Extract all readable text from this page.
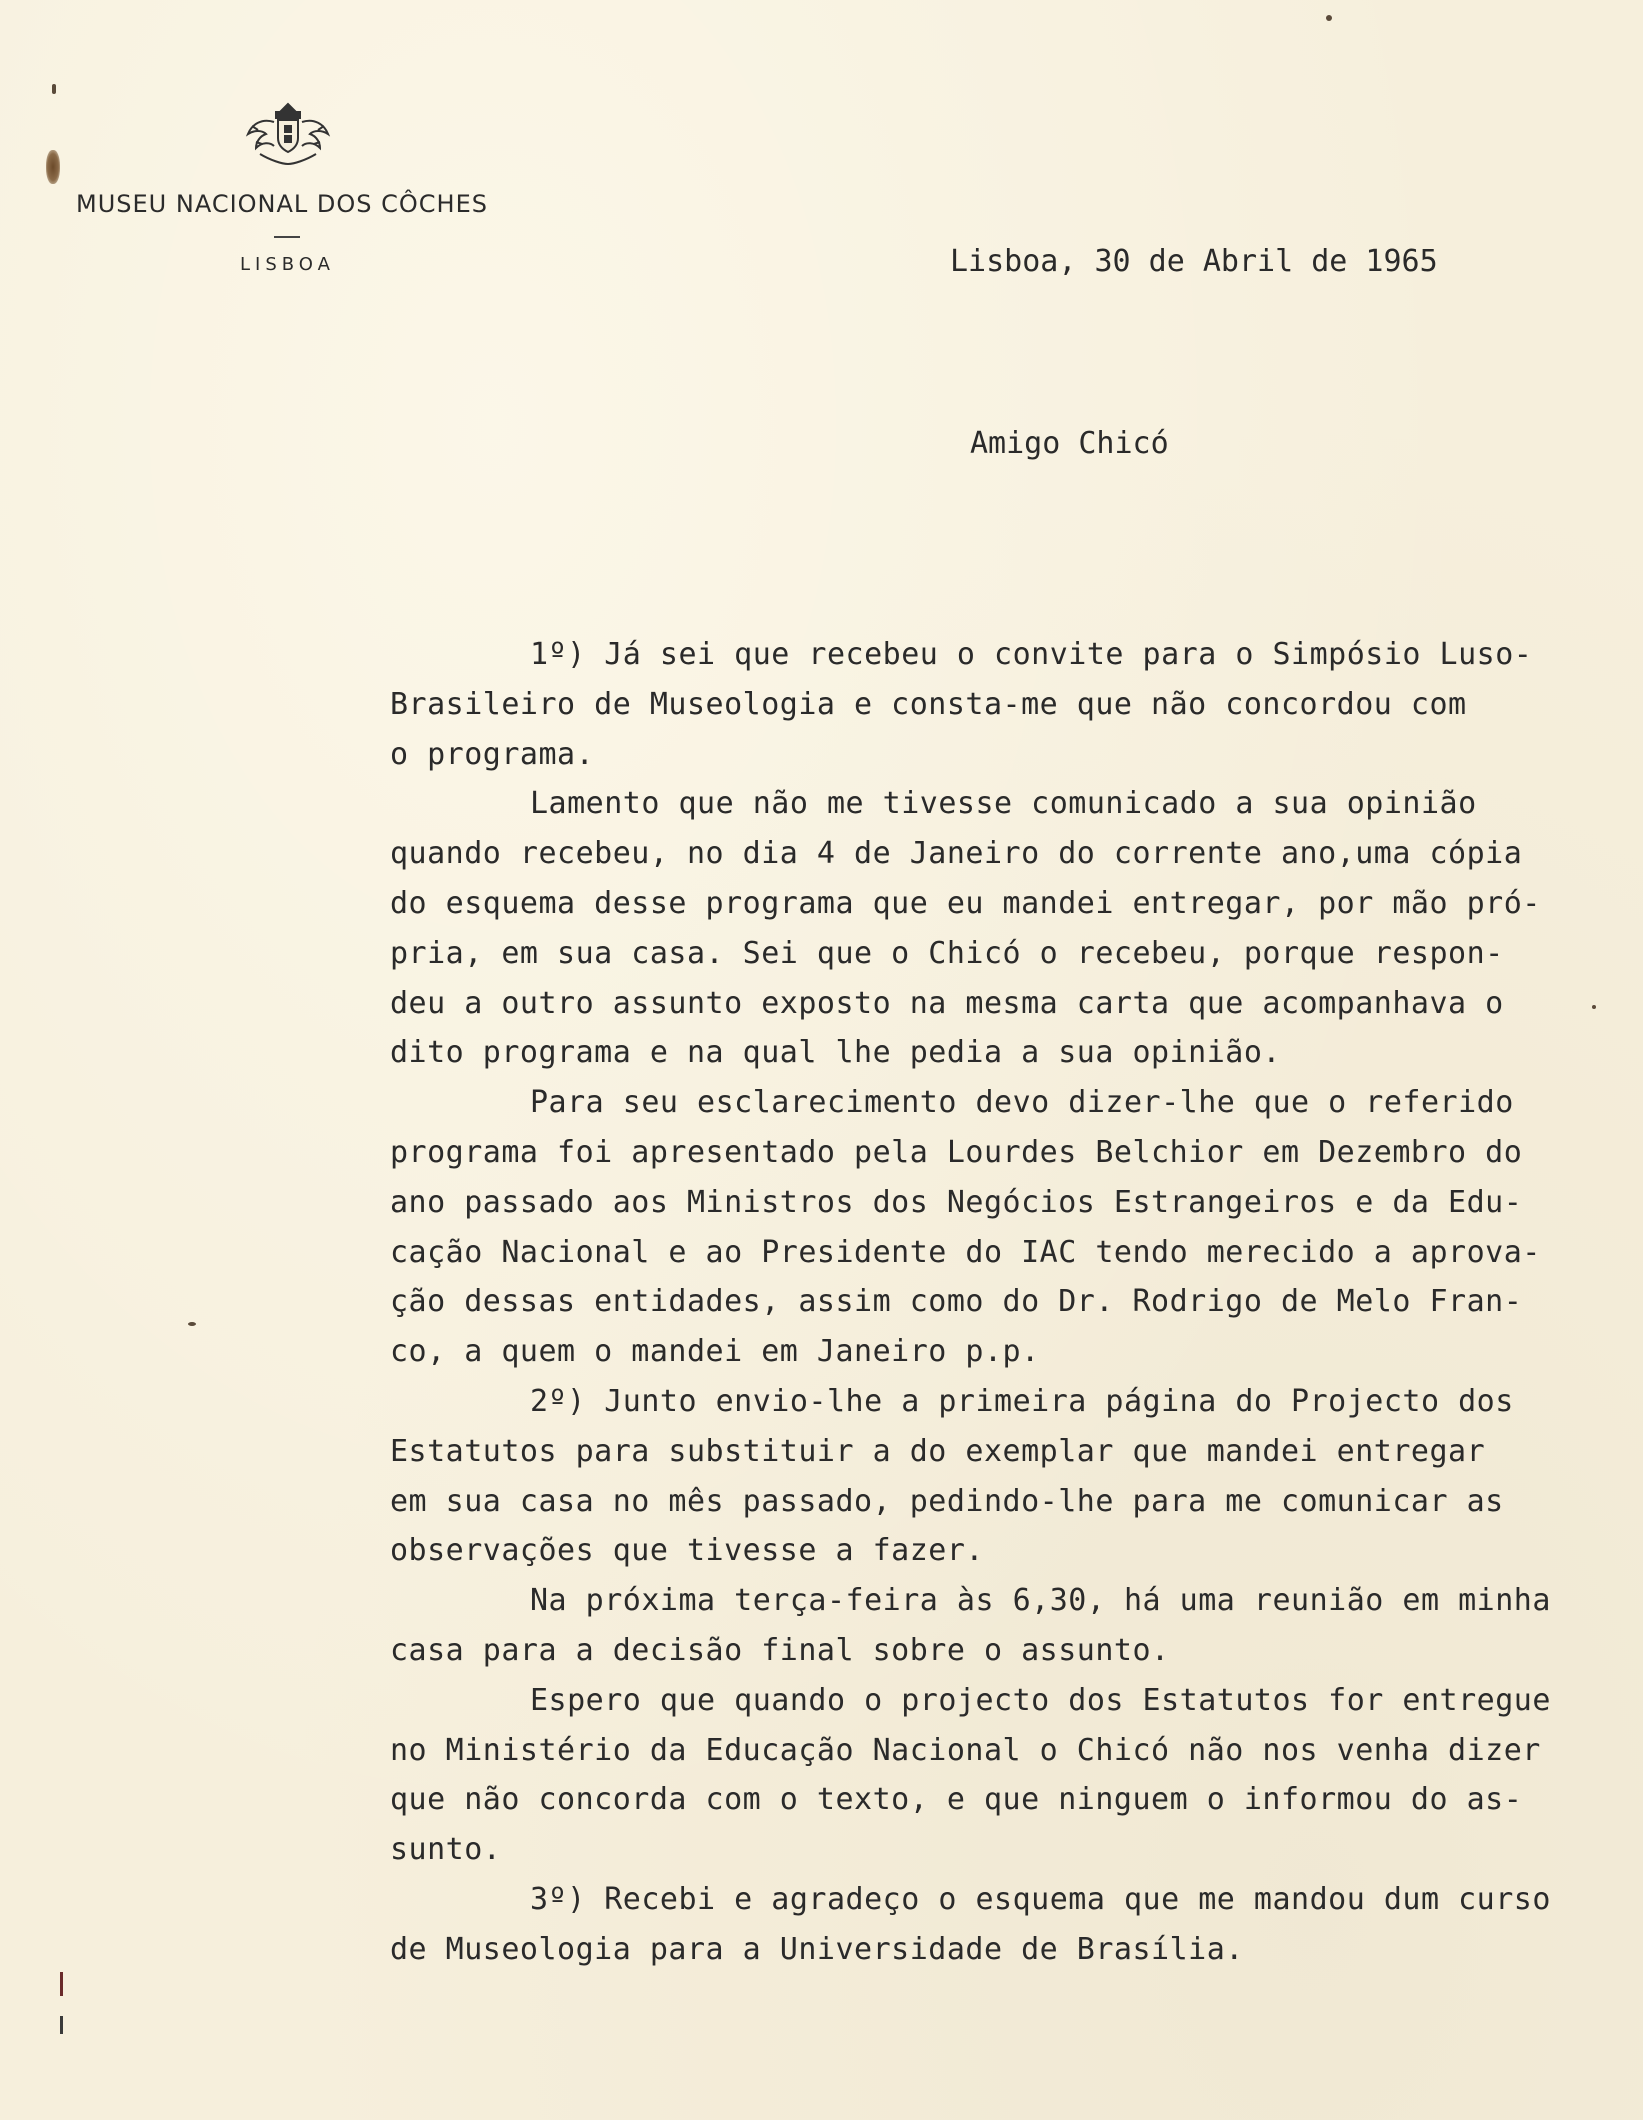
MUSEU NACIONAL DOS CÔCHES
LISBOA	Lisboa, 30 de Abril de 1965
Amigo Chicó
1º) Já sei que recebeu o convite para o Simpósio Luso-
Brasileiro de Museologia e consta-me que não concordou com
o programa.
Lamento que não me tivesse comunicado a sua opinião
quando recebeu, no dia 4 de Janeiro do corrente ano,uma cópia
do esquema desse programa que eu mandei entregar, por mão pró-
pria, em sua casa. Sei que o Chicó o recebeu, porque respon-
deu a outro assunto exposto na mesma carta que acompanhava o
dito programa e na qual lhe pedia a sua opinião.
Para seu esclarecimento devo dizer-lhe que o referido
programa foi apresentado pela Lourdes Belchior em Dezembro do
ano passado aos Ministros dos Negócios Estrangeiros e da Edu-
cação Nacional e ao Presidente do IAC tendo merecido a aprova-
ção dessas entidades, assim como do Dr. Rodrigo de Melo Fran-
co, a quem o mandei em Janeiro p.p.
2º) Junto envio-lhe a primeira página do Projecto dos
Estatutos para substituir a do exemplar que mandei entregar
em sua casa no mês passado, pedindo-lhe para me comunicar as
observações que tivesse a fazer.
Na próxima terça-feira às 6,30, há uma reunião em minha
casa para a decisão final sobre o assunto.
Espero que quando o projecto dos Estatutos for entregue
no Ministério da Educação Nacional o Chicó não nos venha dizer
que não concorda com o texto, e que ninguem o informou do as-
sunto.
3º) Recebi e agradeço o esquema que me mandou dum curso
de Museologia para a Universidade de Brasília.
